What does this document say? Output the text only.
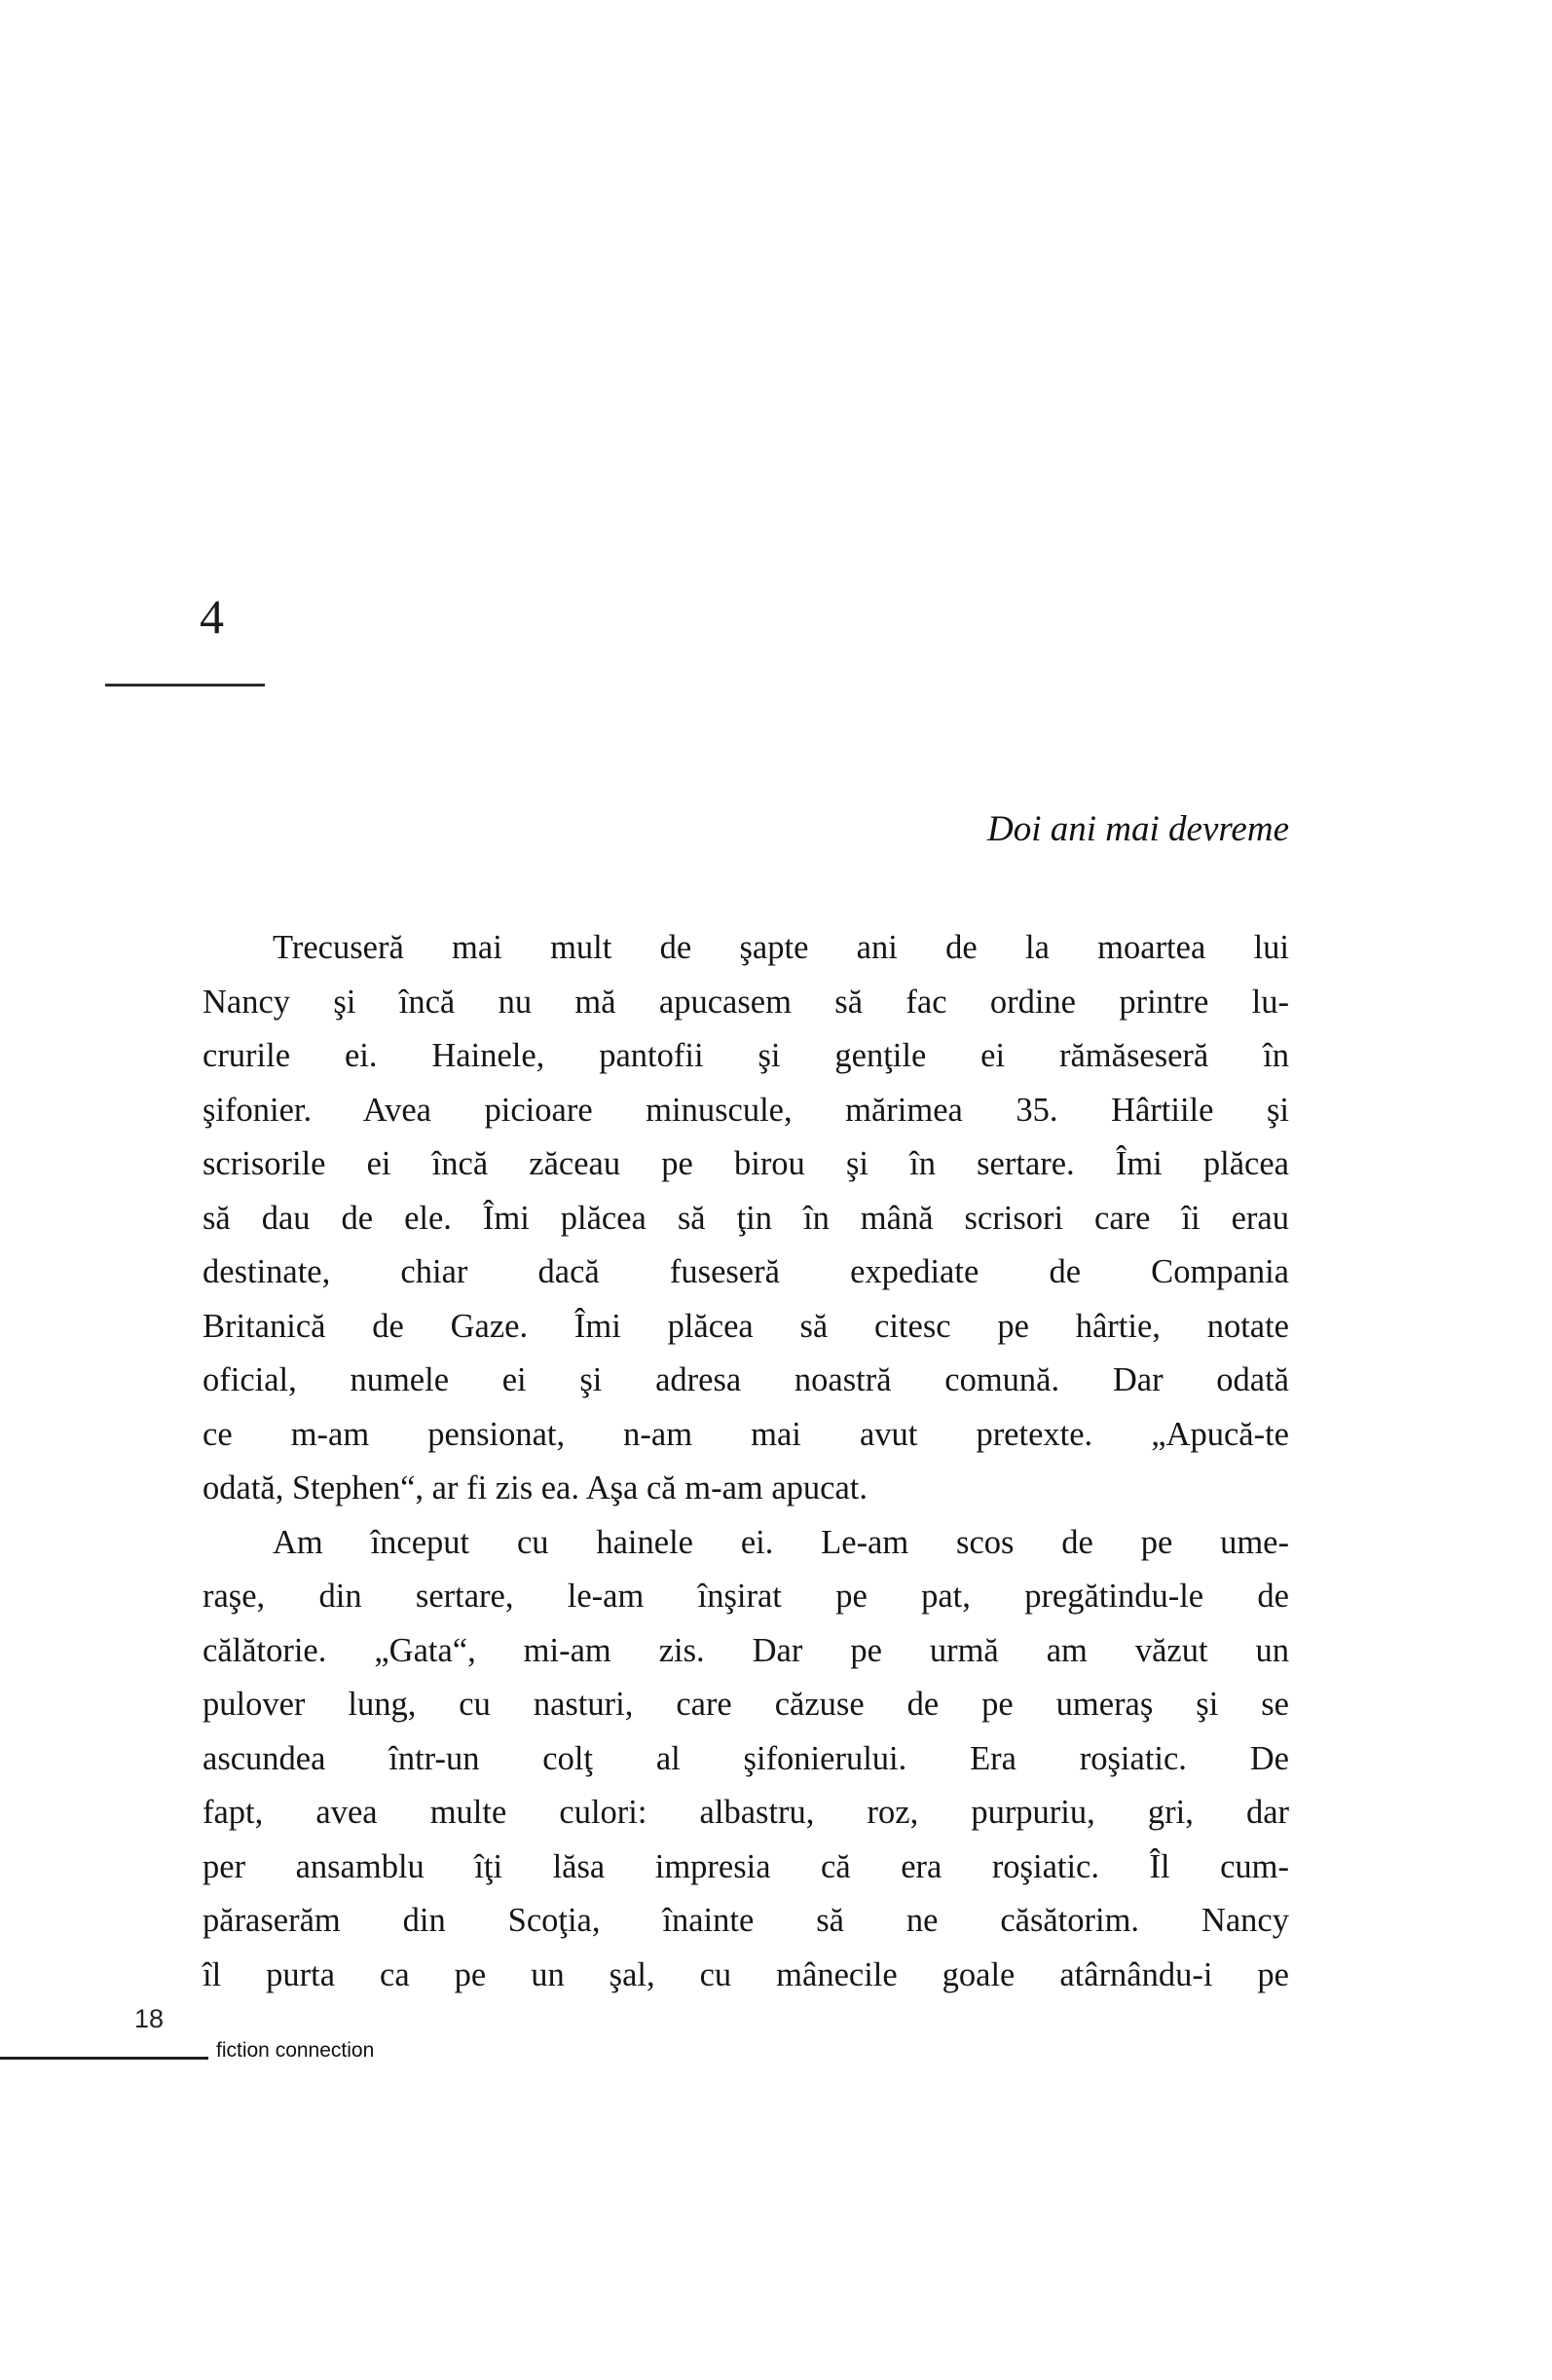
4
Doi ani mai devreme
Trecuseră mai mult de şapte ani de la moartea lui
Nancy şi încă nu mă apucasem să fac ordine printre lu-
crurile ei. Hainele, pantofii şi genţile ei rămăseseră în
şifonier. Avea picioare minuscule, mărimea 35. Hârtiile şi
scrisorile ei încă zăceau pe birou şi în sertare. Îmi plăcea
să dau de ele. Îmi plăcea să ţin în mână scrisori care îi erau
destinate, chiar dacă fuseseră expediate de Compania
Britanică de Gaze. Îmi plăcea să citesc pe hârtie, notate
oficial, numele ei şi adresa noastră comună. Dar odată
ce m-am pensionat, n-am mai avut pretexte. „Apucă-te
odată, Stephen“, ar fi zis ea. Aşa că m-am apucat.
Am început cu hainele ei. Le-am scos de pe ume-
raşe, din sertare, le-am înşirat pe pat, pregătindu-le de
călătorie. „Gata“, mi-am zis. Dar pe urmă am văzut un
pulover lung, cu nasturi, care căzuse de pe umeraş şi se
ascundea într-un colţ al şifonierului. Era roşiatic. De
fapt, avea multe culori: albastru, roz, purpuriu, gri, dar
per ansamblu îţi lăsa impresia că era roşiatic. Îl cum-
păraserăm din Scoţia, înainte să ne căsătorim. Nancy
îl purta ca pe un şal, cu mânecile goale atârnându-i pe
18
fiction connection
